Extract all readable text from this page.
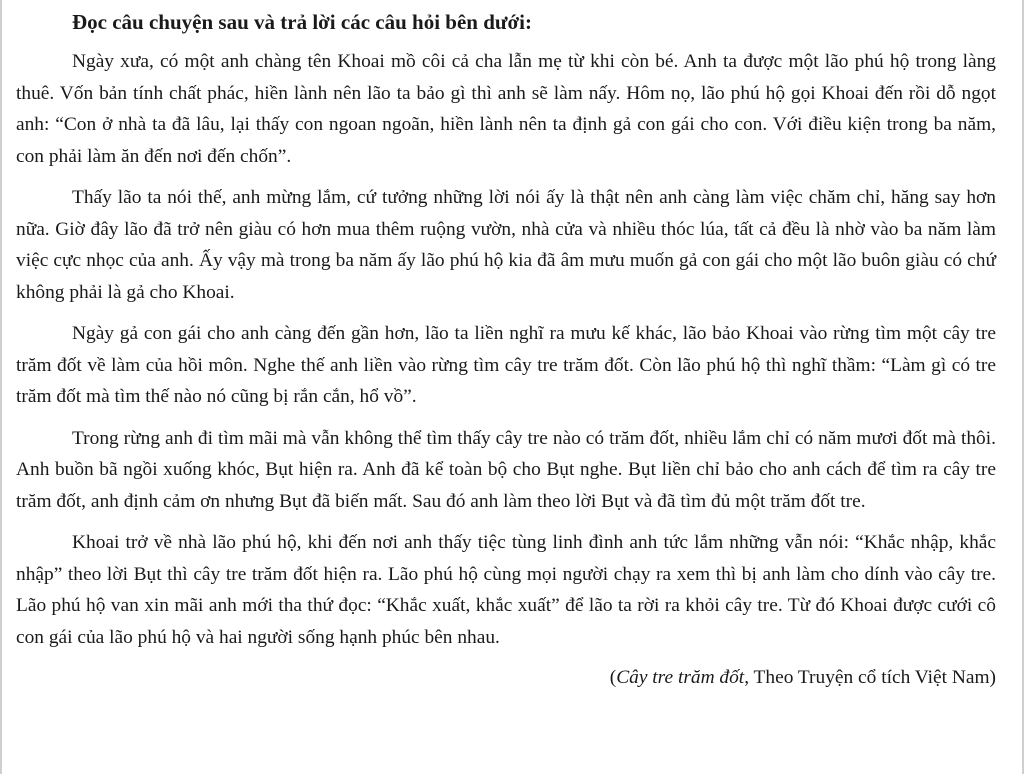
Đọc câu chuyện sau và trả lời các câu hỏi bên dưới:

Ngày xưa, có một anh chàng tên Khoai mồ côi cả cha lẫn mẹ từ khi còn bé. Anh ta được một lão phú hộ trong làng thuê. Vốn bản tính chất phác, hiền lành nên lão ta bảo gì thì anh sẽ làm nấy. Hôm nọ, lão phú hộ gọi Khoai đến rồi dỗ ngọt anh: “Con ở nhà ta đã lâu, lại thấy con ngoan ngoãn, hiền lành nên ta định gả con gái cho con. Với điều kiện trong ba năm, con phải làm ăn đến nơi đến chốn”.

Thấy lão ta nói thế, anh mừng lắm, cứ tưởng những lời nói ấy là thật nên anh càng làm việc chăm chỉ, hăng say hơn nữa. Giờ đây lão đã trở nên giàu có hơn mua thêm ruộng vườn, nhà cửa và nhiều thóc lúa, tất cả đều là nhờ vào ba năm làm việc cực nhọc của anh. Ấy vậy mà trong ba năm ấy lão phú hộ kia đã âm mưu muốn gả con gái cho một lão buôn giàu có chứ không phải là gả cho Khoai.

Ngày gả con gái cho anh càng đến gần hơn, lão ta liền nghĩ ra mưu kế khác, lão bảo Khoai vào rừng tìm một cây tre trăm đốt về làm của hồi môn. Nghe thế anh liền vào rừng tìm cây tre trăm đốt. Còn lão phú hộ thì nghĩ thầm: “Làm gì có tre trăm đốt mà tìm thế nào nó cũng bị rắn cắn, hổ vồ”.

Trong rừng anh đi tìm mãi mà vẫn không thể tìm thấy cây tre nào có trăm đốt, nhiều lắm chỉ có năm mươi đốt mà thôi. Anh buồn bã ngồi xuống khóc, Bụt hiện ra. Anh đã kể toàn bộ cho Bụt nghe. Bụt liền chỉ bảo cho anh cách để tìm ra cây tre trăm đốt, anh định cảm ơn nhưng Bụt đã biến mất. Sau đó anh làm theo lời Bụt và đã tìm đủ một trăm đốt tre.

Khoai trở về nhà lão phú hộ, khi đến nơi anh thấy tiệc tùng linh đình anh tức lắm những vẫn nói: “Khắc nhập, khắc nhập” theo lời Bụt thì cây tre trăm đốt hiện ra. Lão phú hộ cùng mọi người chạy ra xem thì bị anh làm cho dính vào cây tre. Lão phú hộ van xin mãi anh mới tha thứ đọc: “Khắc xuất, khắc xuất” để lão ta rời ra khỏi cây tre. Từ đó Khoai được cưới cô con gái của lão phú hộ và hai người sống hạnh phúc bên nhau.

(Cây tre trăm đốt, Theo Truyện cổ tích Việt Nam)
